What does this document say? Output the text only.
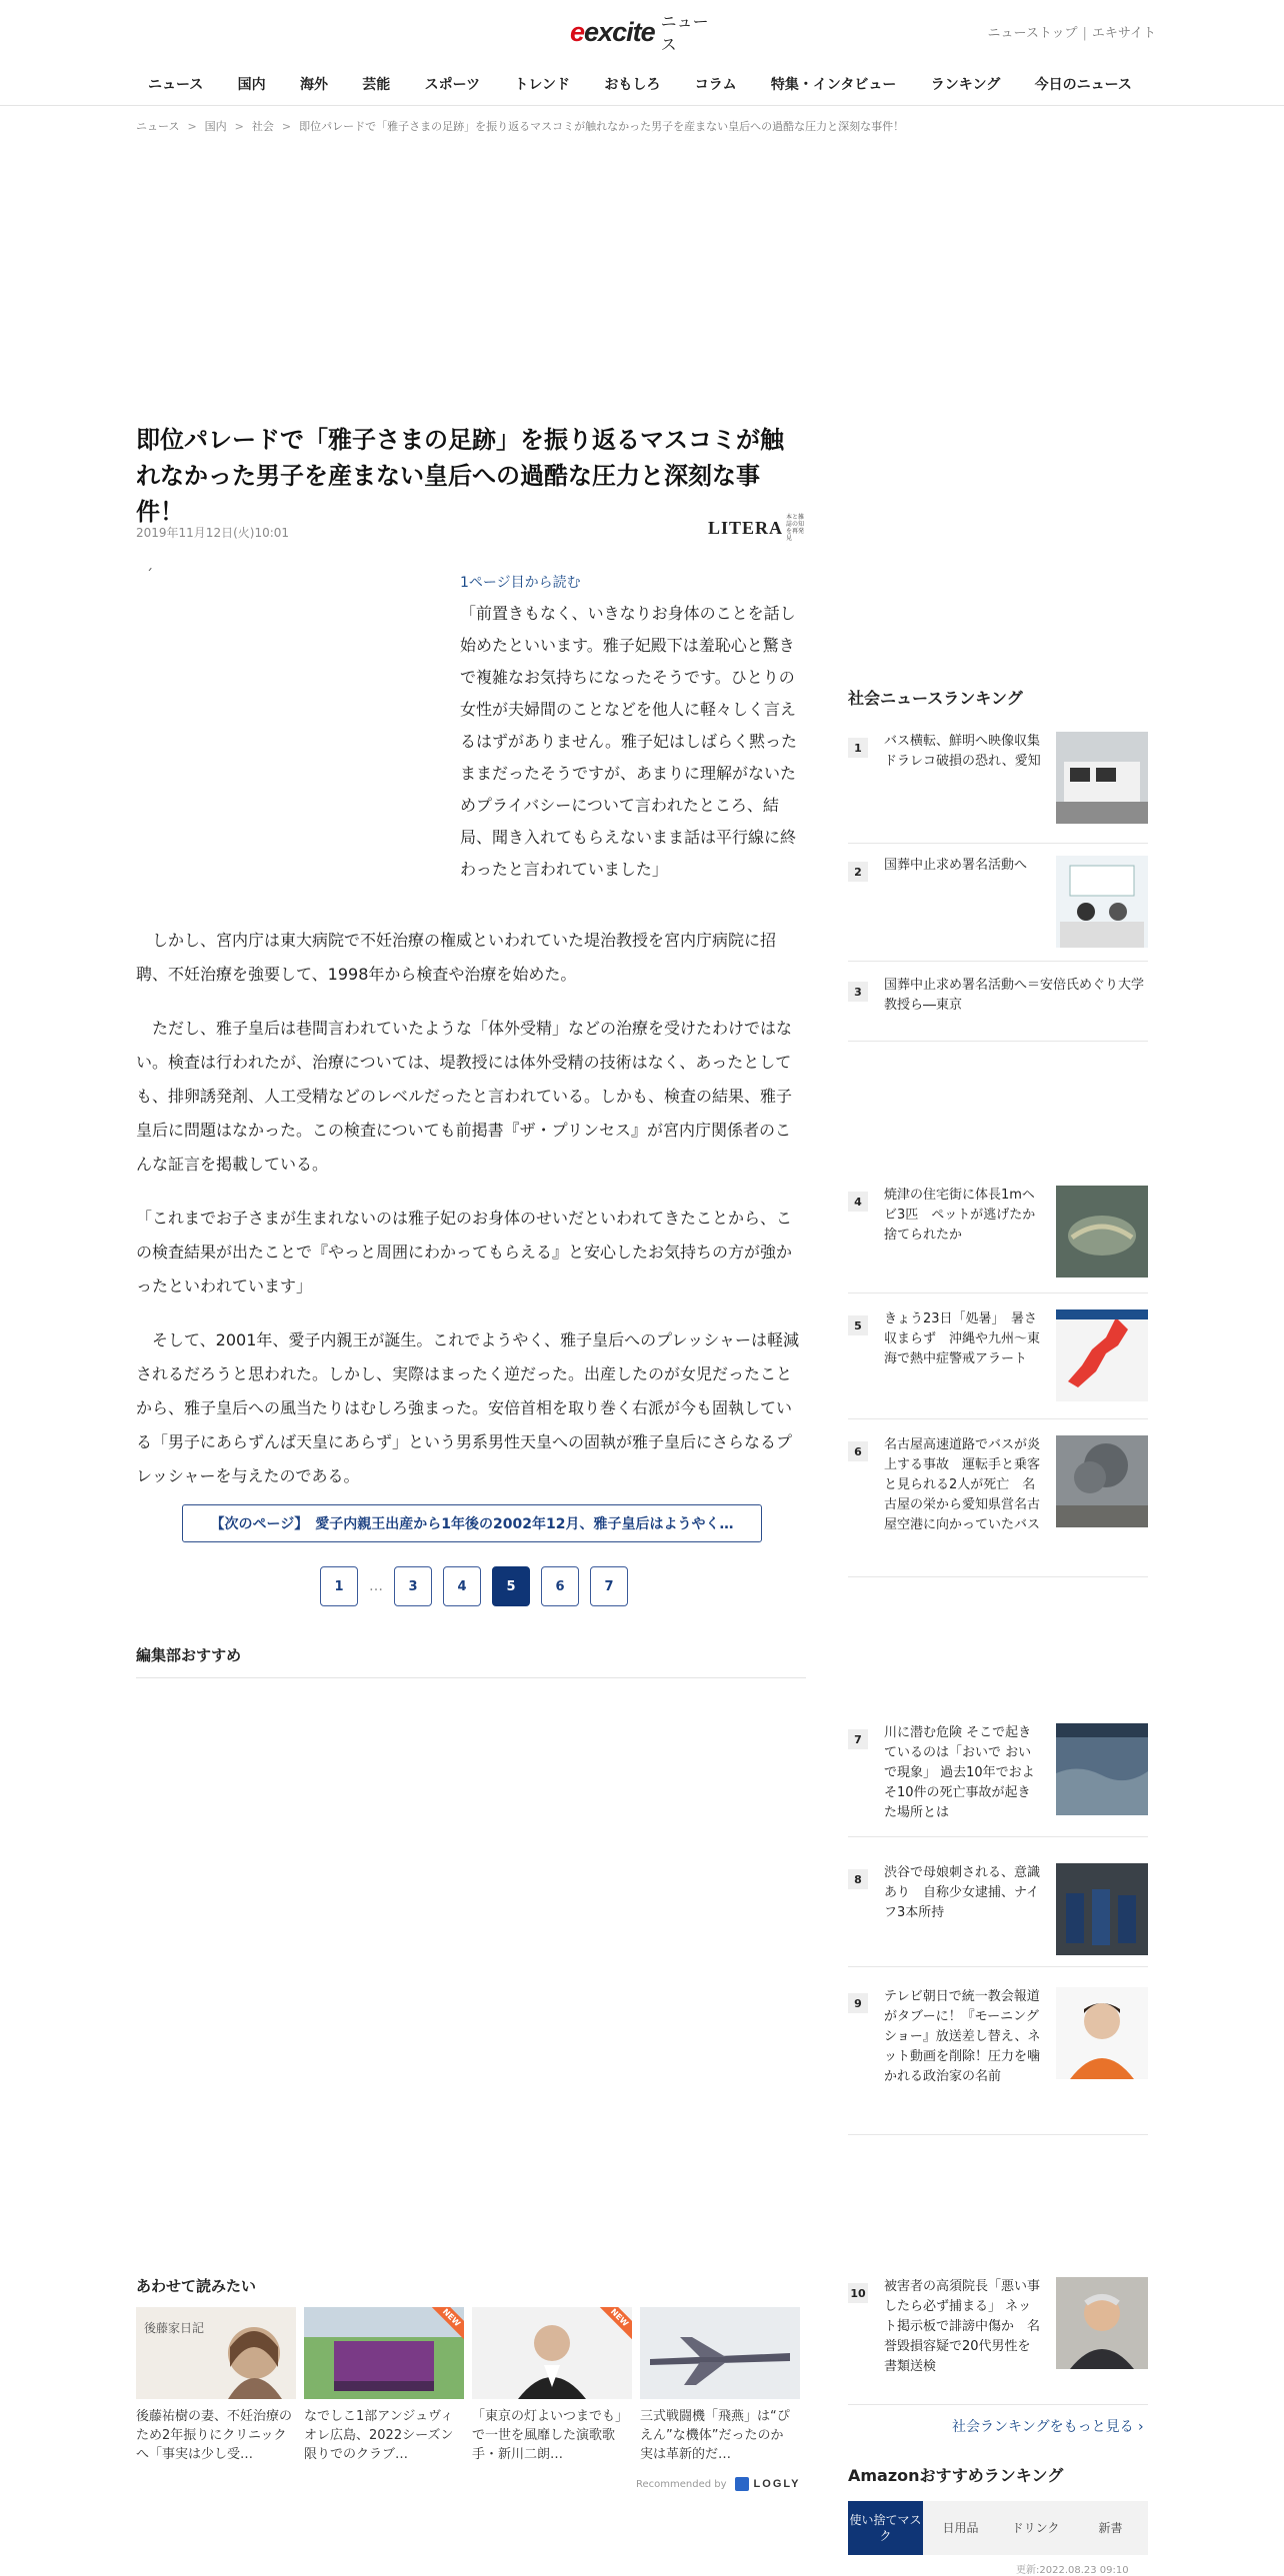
eexcite ニュース
ニューストップ | エキサイト
ニュース	国内	海外	芸能	スポーツ	トレンド	おもしろ	コラム	特集・インタビュー	ランキング	今日のニュース
ニュース > 国内 > 社会 > 即位パレードで「雅子さまの足跡」を振り返るマスコミが触れなかった男子を産まない皇后への過酷な圧力と深刻な事件！
即位パレードで「雅子さまの足跡」を振り返るマスコミが触れなかった男子を産まない皇后への過酷な圧力と深刻な事件！
2019年11月12日(火)10:01	LITERA 本と雑誌の知を再発見
´	1ページ目から読む
「前置きもなく、いきなりお身体のことを話し始めたといいます。雅子妃殿下は羞恥心と驚きで複雑なお気持ちになったそうです。ひとりの女性が夫婦間のことなどを他人に軽々しく言えるはずがありません。雅子妃はしばらく黙ったままだったそうですが、あまりに理解がないためプライバシーについて言われたところ、結局、聞き入れてもらえないまま話は平行線に終わったと言われていました」

　しかし、宮内庁は東大病院で不妊治療の権威といわれていた堤治教授を宮内庁病院に招聘、不妊治療を強要して、1998年から検査や治療を始めた。

　ただし、雅子皇后は巷間言われていたような「体外受精」などの治療を受けたわけではない。検査は行われたが、治療については、堤教授には体外受精の技術はなく、あったとしても、排卵誘発剤、人工受精などのレベルだったと言われている。しかも、検査の結果、雅子皇后に問題はなかった。この検査についても前掲書『ザ・プリンセス』が宮内庁関係者のこんな証言を掲載している。

「これまでお子さまが生まれないのは雅子妃のお身体のせいだといわれてきたことから、この検査結果が出たことで『やっと周囲にわかってもらえる』と安心したお気持ちの方が強かったといわれています」

　そして、2001年、愛子内親王が誕生。これでようやく、雅子皇后へのプレッシャーは軽減されるだろうと思われた。しかし、実際はまったく逆だった。出産したのが女児だったことから、雅子皇后への風当たりはむしろ強まった。安倍首相を取り巻く右派が今も固執している「男子にあらずんば天皇にあらず」という男系男性天皇への固執が雅子皇后にさらなるプレッシャーを与えたのである。

【次のページ】　愛子内親王出産から1年後の2002年12月、雅子皇后はようやく…
1	…	3	4	5	6	7
編集部おすすめ
あわせて読みたい
後藤家日記
後藤祐樹の妻、不妊治療のため2年振りにクリニックへ「事実は少し受…
NEW
なでしこ1部アンジュヴィオレ広島、2022シーズン限りでのクラブ…
NEW
「東京の灯よいつまでも」で一世を風靡した演歌歌手・新川二朗…
三式戦闘機「飛燕」は“ぴえん”な機体”だったのか 実は革新的だ…
Recommended by LOGLY
社会ニュースランキング
1	バス横転、鮮明へ映像収集　ドラレコ破損の恐れ、愛知
2	国葬中止求め署名活動へ
3	国葬中止求め署名活動へ＝安倍氏めぐり大学教授ら―東京
4	焼津の住宅街に体長1mヘビ3匹　ペットが逃げたか捨てられたか
5	きょう23日「処暑」　暑さ収まらず　沖縄や九州～東海で熱中症警戒アラート
6	名古屋高速道路でバスが炎上する事故　運転手と乗客と見られる2人が死亡　名古屋の栄から愛知県営名古屋空港に向かっていたバス
7	川に潜む危険 そこで起きているのは「おいで おいで現象」 過去10年でおよそ10件の死亡事故が起きた場所とは
8	渋谷で母娘刺される、意識あり　自称少女逮捕、ナイフ3本所持
9	テレビ朝日で統一教会報道がタブーに！『モーニングショー』放送差し替え、ネット動画を削除！圧力を噛かれる政治家の名前
10 被害者の高須院長「悪い事したら必ず捕まる」 ネット掲示板で誹謗中傷か　名誉毀損容疑で20代男性を書類送検
社会ランキングをもっと見る ›
Amazonおすすめランキング
使い捨てマスク
日用品	ドリンク	新書
更新:2022.08.23 09:10
